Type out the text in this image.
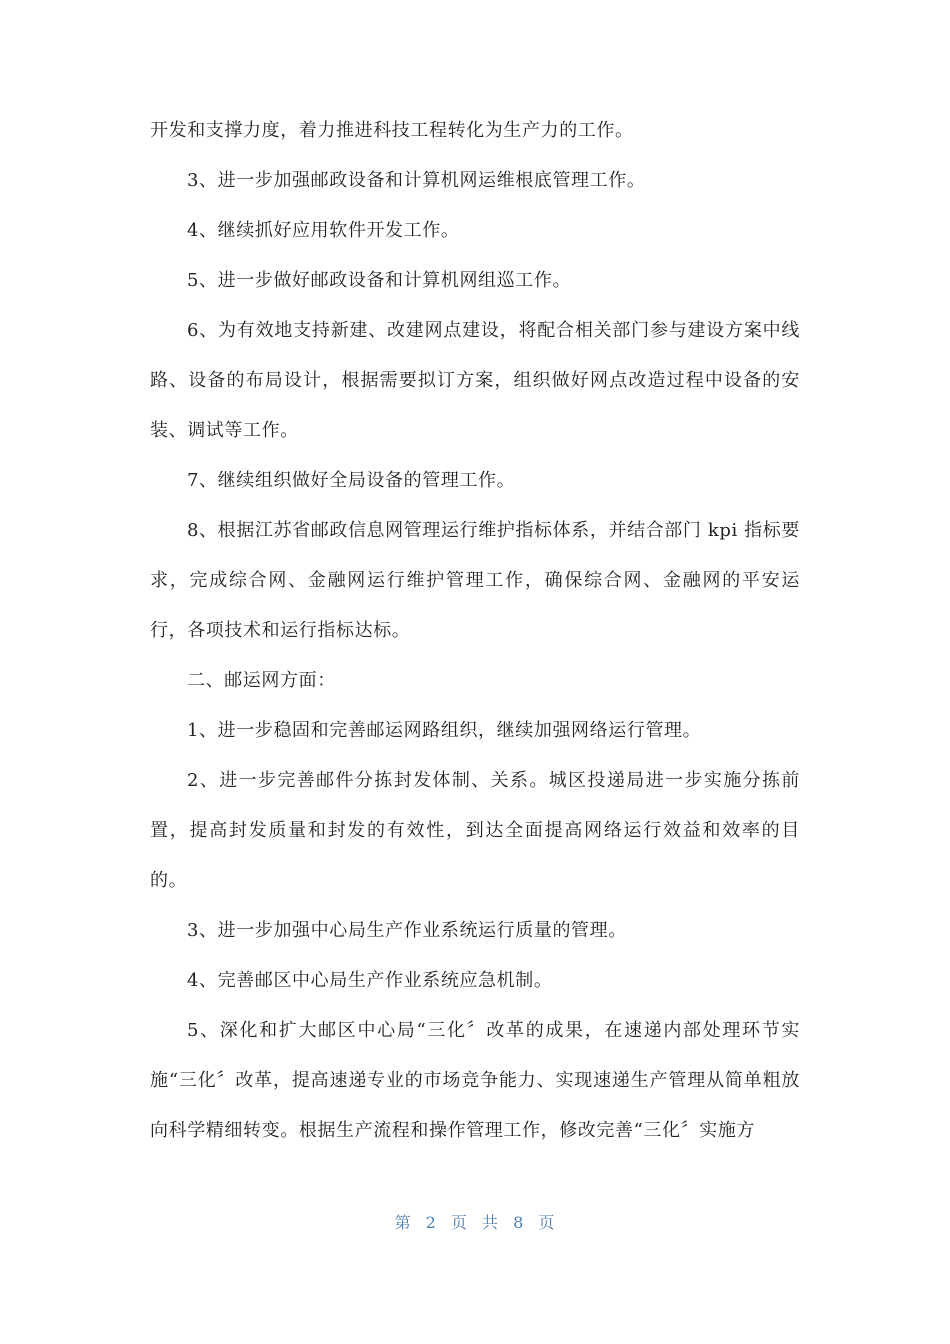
开发和支撑力度，着力推进科技工程转化为生产力的工作。

3、进一步加强邮政设备和计算机网运维根底管理工作。

4、继续抓好应用软件开发工作。

5、进一步做好邮政设备和计算机网组巡工作。

6、为有效地支持新建、改建网点建设，将配合相关部门参与建设方案中线路、设备的布局设计，根据需要拟订方案，组织做好网点改造过程中设备的安装、调试等工作。

7、继续组织做好全局设备的管理工作。

8、根据江苏省邮政信息网管理运行维护指标体系，并结合部门 kpi 指标要求，完成综合网、金融网运行维护管理工作，确保综合网、金融网的平安运行，各项技术和运行指标达标。

二、邮运网方面：

1、进一步稳固和完善邮运网路组织，继续加强网络运行管理。

2、进一步完善邮件分拣封发体制、关系。城区投递局进一步实施分拣前置，提高封发质量和封发的有效性，到达全面提高网络运行效益和效率的目的。

3、进一步加强中心局生产作业系统运行质量的管理。

4、完善邮区中心局生产作业系统应急机制。

5、深化和扩大邮区中心局“三化〞改革的成果，在速递内部处理环节实施“三化〞改革，提高速递专业的市场竞争能力、实现速递生产管理从简单粗放向科学精细转变。根据生产流程和操作管理工作，修改完善“三化〞实施方

第 2 页 共 8 页
